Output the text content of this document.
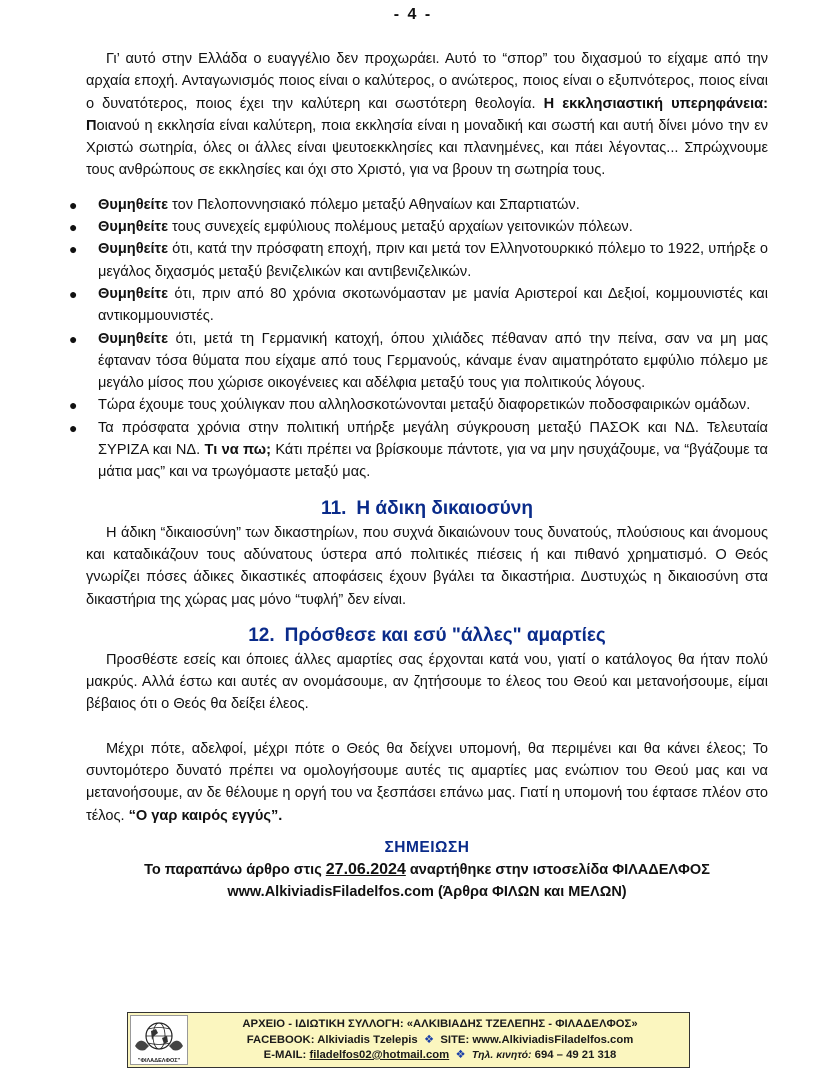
- 4 -

Γι’ αυτό στην Ελλάδα ο ευαγγέλιο δεν προχωράει. Αυτό το “σπορ” του διχασμού το είχαμε από την αρχαία εποχή. Ανταγωνισμός ποιος είναι ο καλύτερος, ο ανώτερος, ποιος είναι ο εξυπνότερος, ποιος είναι ο δυνατότερος, ποιος έχει την καλύτερη και σωστότερη θεολογία. Η εκκλησιαστική υπερηφάνεια: Ποιανού η εκκλησία είναι καλύτερη, ποια εκκλησία είναι η μοναδική και σωστή και αυτή δίνει μόνο την εν Χριστώ σωτηρία, όλες οι άλλες είναι ψευτοεκκλησίες και πλανημένες, και πάει λέγοντας... Σπρώχνουμε τους ανθρώπους σε εκκλησίες και όχι στο Χριστό, για να βρουν τη σωτηρία τους.

● Θυμηθείτε τον Πελοποννησιακό πόλεμο μεταξύ Αθηναίων και Σπαρτιατών.
● Θυμηθείτε τους συνεχείς εμφύλιους πολέμους μεταξύ αρχαίων γειτονικών πόλεων.
● Θυμηθείτε ότι, κατά την πρόσφατη εποχή, πριν και μετά τον Ελληνοτουρκικό πόλεμο το 1922, υπήρξε ο μεγάλος διχασμός μεταξύ βενιζελικών και αντιβενιζελικών.
● Θυμηθείτε ότι, πριν από 80 χρόνια σκοτωνόμασταν με μανία Αριστεροί και Δεξιοί, κομμουνιστές και αντικομμουνιστές.
● Θυμηθείτε ότι, μετά τη Γερμανική κατοχή, όπου χιλιάδες πέθαναν από την πείνα, σαν να μη μας έφταναν τόσα θύματα που είχαμε από τους Γερμανούς, κάναμε έναν αιματηρότατο εμφύλιο πόλεμο με μεγάλο μίσος που χώρισε οικογένειες και αδέλφια μεταξύ τους για πολιτικούς λόγους.
● Τώρα έχουμε τους χούλιγκαν που αλληλοσκοτώνονται μεταξύ διαφορετικών ποδοσφαιρικών ομάδων.
● Τα πρόσφατα χρόνια στην πολιτική υπήρξε μεγάλη σύγκρουση μεταξύ ΠΑΣΟΚ και ΝΔ. Τελευταία ΣΥΡΙΖΑ και ΝΔ. Τι να πω; Κάτι πρέπει να βρίσκουμε πάντοτε, για να μην ησυχάζουμε, να “βγάζουμε τα μάτια μας” και να τρωγόμαστε μεταξύ μας.
11. Η άδικη δικαιοσύνη

Η άδικη “δικαιοσύνη” των δικαστηρίων, που συχνά δικαιώνουν τους δυνατούς, πλούσιους και άνομους και καταδικάζουν τους αδύνατους ύστερα από πολιτικές πιέσεις ή και πιθανό χρηματισμό. Ο Θεός γνωρίζει πόσες άδικες δικαστικές αποφάσεις έχουν βγάλει τα δικαστήρια. Δυστυχώς η δικαιοσύνη στα δικαστήρια της χώρας μας μόνο “τυφλή” δεν είναι.

12. Πρόσθεσε και εσύ "άλλες" αμαρτίες

Προσθέστε εσείς και όποιες άλλες αμαρτίες σας έρχονται κατά νου, γιατί ο κατάλογος θα ήταν πολύ μακρύς. Αλλά έστω και αυτές αν ονομάσουμε, αν ζητήσουμε το έλεος του Θεού και μετανοήσουμε, είμαι βέβαιος ότι ο Θεός θα δείξει έλεος.

Μέχρι πότε, αδελφοί, μέχρι πότε ο Θεός θα δείχνει υπομονή, θα περιμένει και θα κάνει έλεος; Το συντομότερο δυνατό πρέπει να ομολογήσουμε αυτές τις αμαρτίες μας ενώπιον του Θεού μας και να μετανοήσουμε, αν δε θέλουμε η οργή του να ξεσπάσει επάνω μας. Γιατί η υπομονή του έφτασε πλέον στο τέλος. “Ο γαρ καιρός εγγύς”.

ΣΗΜΕΙΩΣΗ
Το παραπάνω άρθρο στις 27.06.2024 αναρτήθηκε στην ιστοσελίδα ΦΙΛΑΔΕΛΦΟΣ
www.AlkiviadisFiladelfos.com (Άρθρα ΦΙΛΩΝ και ΜΕΛΩΝ)
"ΦΙΛΑΔΕΛΦΟΣ"
ΑΡΧΕΙΟ - ΙΔΙΩΤΙΚΗ ΣΥΛΛΟΓΗ: «ΑΛΚΙΒΙΑΔΗΣ ΤΖΕΛΕΠΗΣ - ΦΙΛΑΔΕΛΦΟΣ»
FACEBOOK: Alkiviadis Tzelepis ❖ SITE: www.AlkiviadisFiladelfos.com
E-MAIL: filadelfos02@hotmail.com ❖ Τηλ. κινητό: 694 – 49 21 318
